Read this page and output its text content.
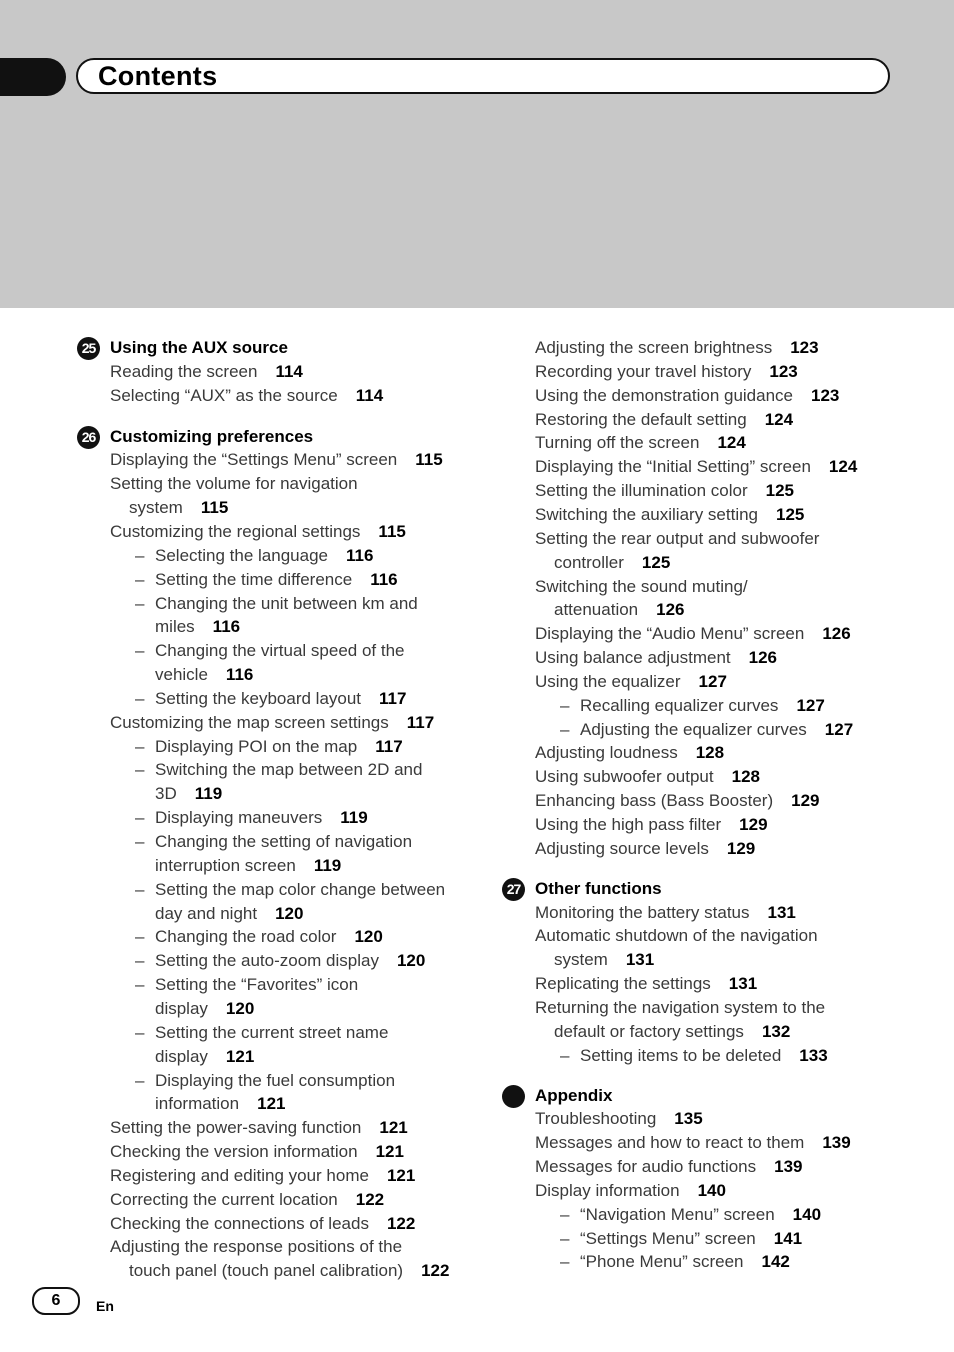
Contents
25 Using the AUX source
Reading the screen 114
Selecting “AUX” as the source 114
26 Customizing preferences
Displaying the “Settings Menu” screen 115
Setting the volume for navigation
system 115
Customizing the regional settings 115
– Selecting the language 116
– Setting the time difference 116
– Changing the unit between km and
miles 116
– Changing the virtual speed of the
vehicle 116
– Setting the keyboard layout 117
Customizing the map screen settings 117
– Displaying POI on the map 117
– Switching the map between 2D and
3D 119
– Displaying maneuvers 119
– Changing the setting of navigation
interruption screen 119
– Setting the map color change between
day and night 120
– Changing the road color 120
– Setting the auto-zoom display 120
– Setting the “Favorites” icon
display 120
– Setting the current street name
display 121
– Displaying the fuel consumption
information 121
Setting the power-saving function 121
Checking the version information 121
Registering and editing your home 121
Correcting the current location 122
Checking the connections of leads 122
Adjusting the response positions of the
touch panel (touch panel calibration) 122
Adjusting the screen brightness 123
Recording your travel history 123
Using the demonstration guidance 123
Restoring the default setting 124
Turning off the screen 124
Displaying the “Initial Setting” screen 124
Setting the illumination color 125
Switching the auxiliary setting 125
Setting the rear output and subwoofer
controller 125
Switching the sound muting/
attenuation 126
Displaying the “Audio Menu” screen 126
Using balance adjustment 126
Using the equalizer 127
– Recalling equalizer curves 127
– Adjusting the equalizer curves 127
Adjusting loudness 128
Using subwoofer output 128
Enhancing bass (Bass Booster) 129
Using the high pass filter 129
Adjusting source levels 129
27 Other functions
Monitoring the battery status 131
Automatic shutdown of the navigation
system 131
Replicating the settings 131
Returning the navigation system to the
default or factory settings 132
– Setting items to be deleted 133
Appendix
Troubleshooting 135
Messages and how to react to them 139
Messages for audio functions 139
Display information 140
– “Navigation Menu” screen 140
– “Settings Menu” screen 141
– “Phone Menu” screen 142
6	En
